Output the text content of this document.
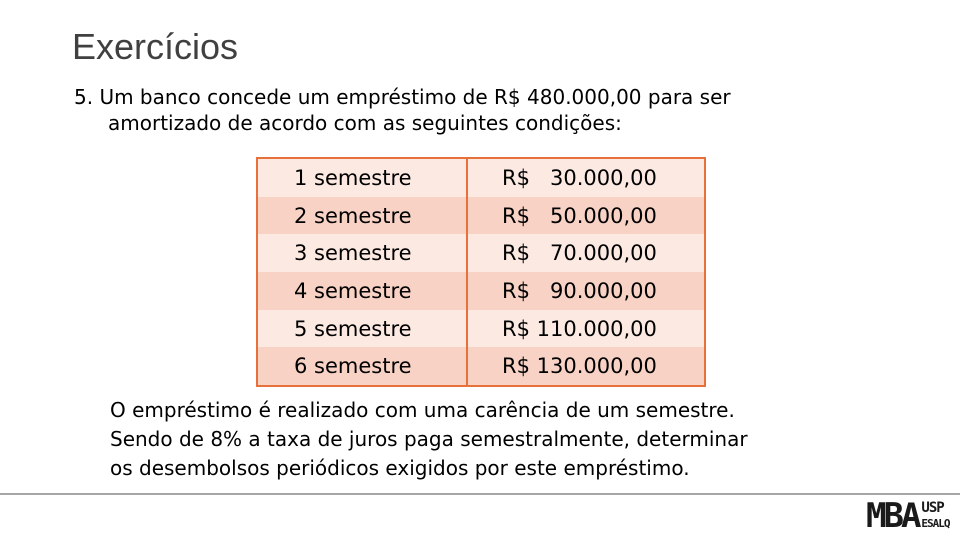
Exercícios
5. Um banco concede um empréstimo de R$ 480.000,00 para ser
amortizado de acordo com as seguintes condições:
1 semestre	R$   30.000,00
2 semestre	R$   50.000,00
3 semestre	R$   70.000,00
4 semestre	R$   90.000,00
5 semestre	R$ 110.000,00
6 semestre	R$ 130.000,00
O empréstimo é realizado com uma carência de um semestre.
Sendo de 8% a taxa de juros paga semestralmente, determinar
os desembolsos periódicos exigidos por este empréstimo.
MBA USP
ESALQ
